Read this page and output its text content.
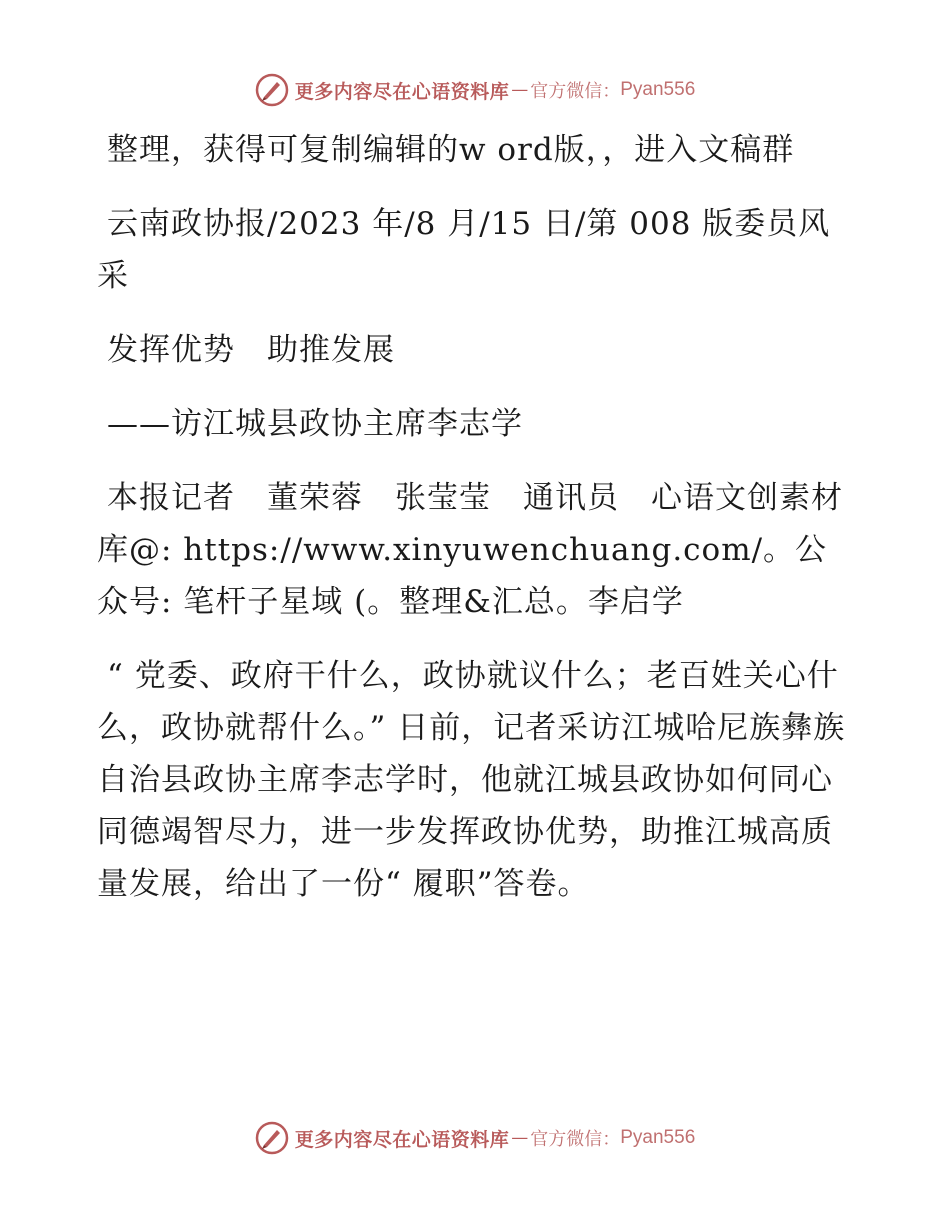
更多内容尽在心语资料库 — 官方微信： Pyan556

整理，获得可复制编辑的w ord版，，进入文稿群

云南政协报/2023 年/8 月/15 日/第 008 版委员风采

发挥优势　助推发展

——访江城县政协主席李志学

本报记者　董荣蓉　张莹莹　通讯员　心语文创素材库@: https://www.xinyuwenchuang.com/。公众号: 笔杆子星域 (。整理&汇总。李启学

“ 党委、政府干什么，政协就议什么；老百姓关心什么，政协就帮什么。” 日前，记者采访江城哈尼族彝族自治县政协主席李志学时，他就江城县政协如何同心同德竭智尽力，进一步发挥政协优势，助推江城高质量发展，给出了一份“ 履职”答卷。

更多内容尽在心语资料库 — 官方微信： Pyan556
